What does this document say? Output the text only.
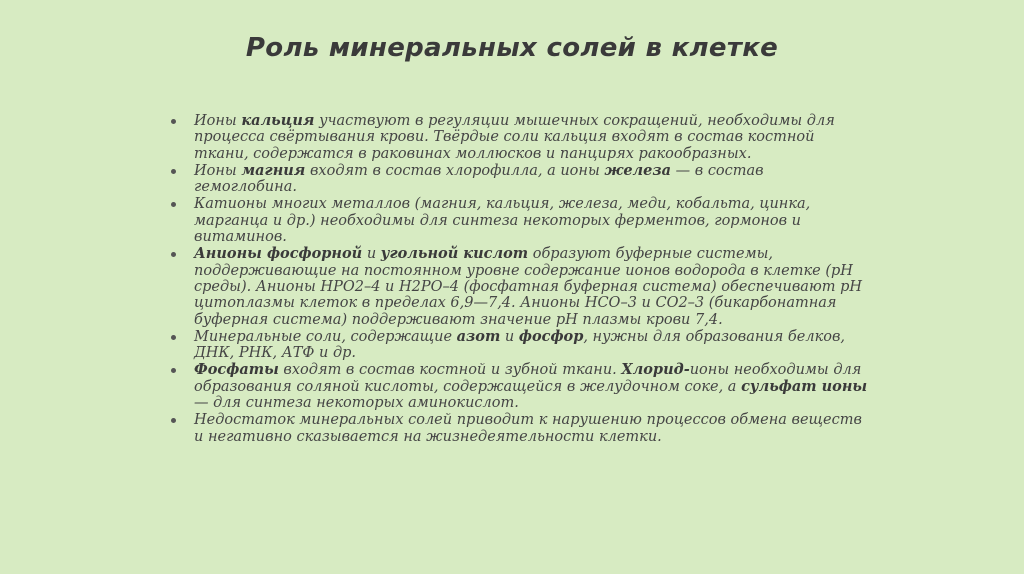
Роль минеральных солей в клетке
Ионы кальция участвуют в регуляции мышечных сокращений, необходимы для процесса свёртывания крови. Твёрдые соли кальция входят в состав костной ткани, содержатся в раковинах моллюсков и панцирях ракообразных.
Ионы магния входят в состав хлорофилла, а ионы железа — в состав гемоглобина.
Катионы многих металлов (магния, кальция, железа, меди, кобальта, цинка, марганца и др.) необходимы для синтеза некоторых ферментов, гормонов и витаминов.
Анионы фосфорной и угольной кислот образуют буферные системы, поддерживающие на постоянном уровне содержание ионов водорода в клетке (pH среды). Анионы HPO2–4 и H2PO–4 (фосфатная буферная система) обеспечивают pH цитоплазмы клеток в пределах 6,9—7,4. Анионы HCO–3 и CO2–3 (бикарбонатная буферная система) поддерживают значение pH плазмы крови 7,4.
Минеральные соли, содержащие азот и фосфор, нужны для образования белков, ДНК, РНК, АТФ и др.
Фосфаты входят в состав костной и зубной ткани. Хлорид-ионы необходимы для образования соляной кислоты, содержащейся в желудочном соке, а сульфат ионы — для синтеза некоторых аминокислот.
Недостаток минеральных солей приводит к нарушению процессов обмена веществ и негативно сказывается на жизнедеятельности клетки.
